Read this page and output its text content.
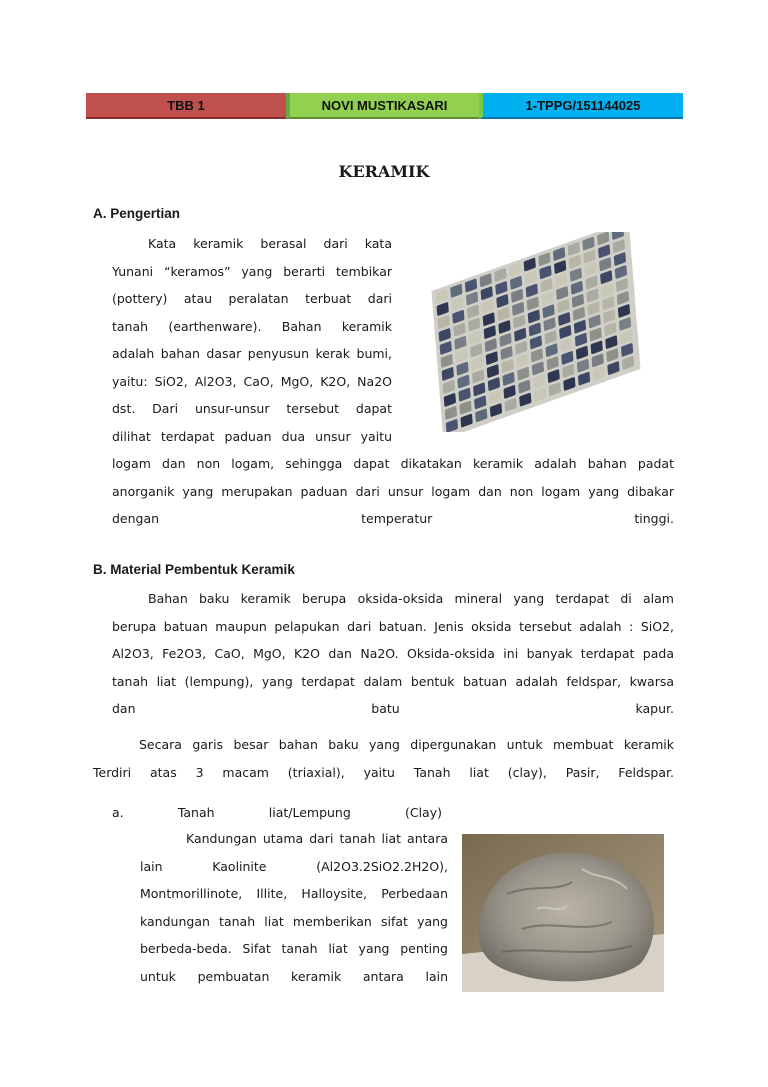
TBB 1	NOVI MUSTIKASARI	1-TPPG/151144025
KERAMIK
A. Pengertian
Kata keramik berasal dari kata
Yunani “keramos” yang berarti tembikar
(pottery) atau peralatan terbuat dari
tanah (earthenware). Bahan keramik
adalah bahan dasar penyusun kerak bumi,
yaitu: SiO2, Al2O3, CaO, MgO, K2O, Na2O
dst. Dari unsur-unsur tersebut dapat
dilihat terdapat paduan dua unsur yaitu
logam dan non logam, sehingga dapat dikatakan keramik adalah bahan padat
anorganik yang merupakan paduan dari unsur logam dan non logam yang dibakar
dengan temperatur tinggi.
B. Material Pembentuk Keramik
Bahan baku keramik berupa oksida-oksida mineral yang terdapat di alam
berupa batuan maupun pelapukan dari batuan. Jenis oksida tersebut adalah : SiO2,
Al2O3, Fe2O3, CaO, MgO, K2O dan Na2O. Oksida-oksida ini banyak terdapat pada
tanah liat (lempung), yang terdapat dalam bentuk batuan adalah feldspar, kwarsa
dan batu kapur.
Secara garis besar bahan baku yang dipergunakan untuk membuat keramik
Terdiri atas 3 macam (triaxial), yaitu Tanah liat (clay), Pasir, Feldspar.
a. Tanah liat/Lempung (Clay)
Kandungan utama dari tanah liat antara
lain Kaolinite (Al2O3.2SiO2.2H2O),
Montmorillinote, Illite, Halloysite, Perbedaan
kandungan tanah liat memberikan sifat yang
berbeda-beda. Sifat tanah liat yang penting
untuk pembuatan keramik antara lain
